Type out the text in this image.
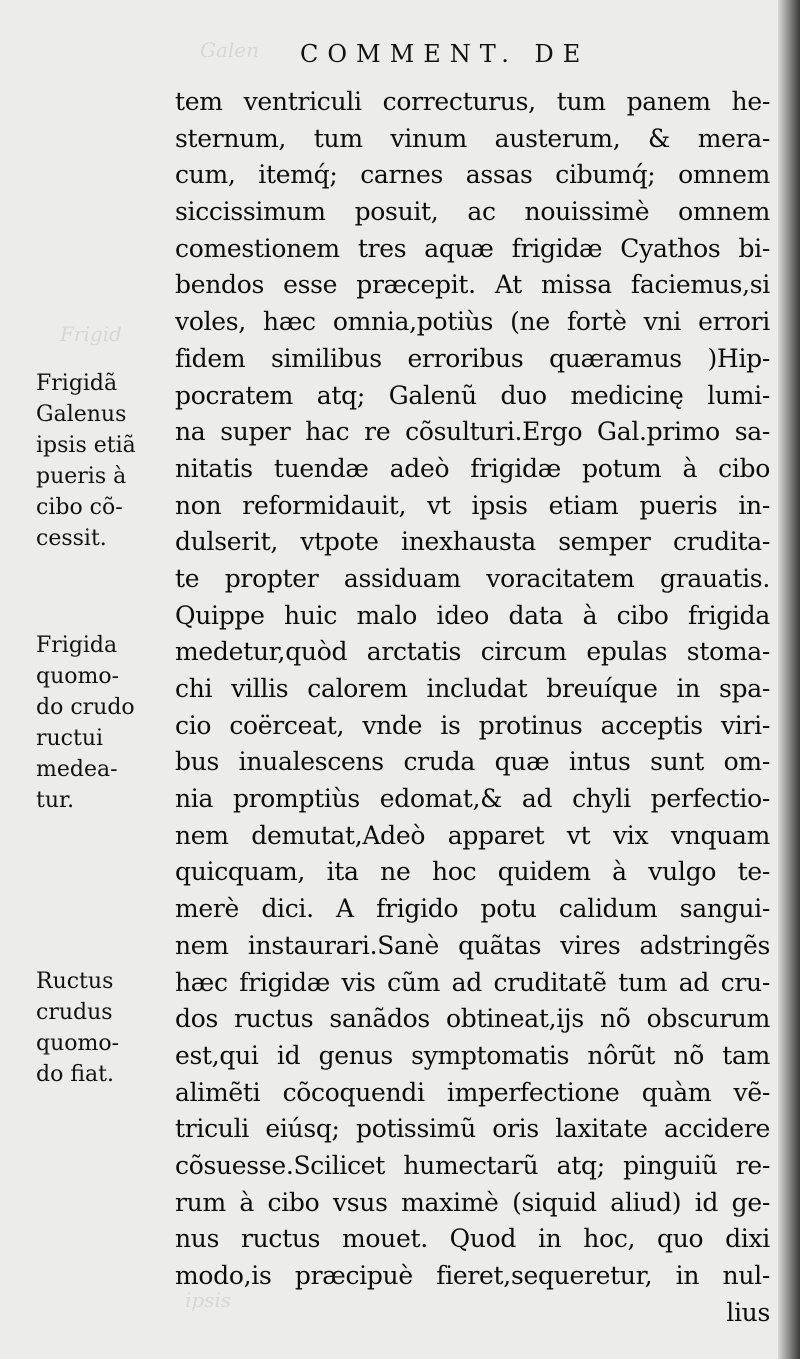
Frigid
Galen
ipsis
COMMENT. DE
tem ventriculi correcturus, tum panem he-
sternum, tum vinum austerum, & mera-
cum, itemq́; carnes assas cibumq́; omnem
siccissimum posuit, ac nouissimè omnem
comestionem tres aquæ frigidæ Cyathos bi-
bendos esse præcepit. At missa faciemus,si
voles, hæc omnia,potiùs (ne fortè vni errori
fidem similibus erroribus quæramus )Hip-
pocratem atq; Galenũ duo medicinę lumi-
na super hac re cõsulturi.Ergo Gal.primo sa-
nitatis tuendæ adeò frigidæ potum à cibo
non reformidauit, vt ipsis etiam pueris in-
dulserit, vtpote inexhausta semper crudita-
te propter assiduam voracitatem grauatis.
Quippe huic malo ideo data à cibo frigida
medetur,quòd arctatis circum epulas stoma-
chi villis calorem includat breuíque in spa-
cio coërceat, vnde is protinus acceptis viri-
bus inualescens cruda quæ intus sunt om-
nia promptiùs edomat,& ad chyli perfectio-
nem demutat,Adeò apparet vt vix vnquam
quicquam, ita ne hoc quidem à vulgo te-
merè dici. A frigido potu calidum sangui-
nem instaurari.Sanè quãtas vires adstringẽs
hæc frigidæ vis cũm ad cruditatẽ tum ad cru-
dos ructus sanãdos obtineat,ijs nõ obscurum
est,qui id genus symptomatis nôrũt nõ tam
alimẽti cõcoquendi imperfectione quàm vẽ-
triculi eiúsq; potissimũ oris laxitate accidere
cõsuesse.Scilicet humectarũ atq; pinguiũ re-
rum à cibo vsus maximè (siquid aliud) id ge-
nus ructus mouet. Quod in hoc, quo dixi
modo,is præcipuè fieret,sequeretur, in nul-
lius
Frigidã
Galenus
ipsis etiã
pueris à
cibo cõ-
cessit.
Frigida
quomo-
do crudo
ructui
medea-
tur.
Ructus
crudus
quomo-
do fiat.
